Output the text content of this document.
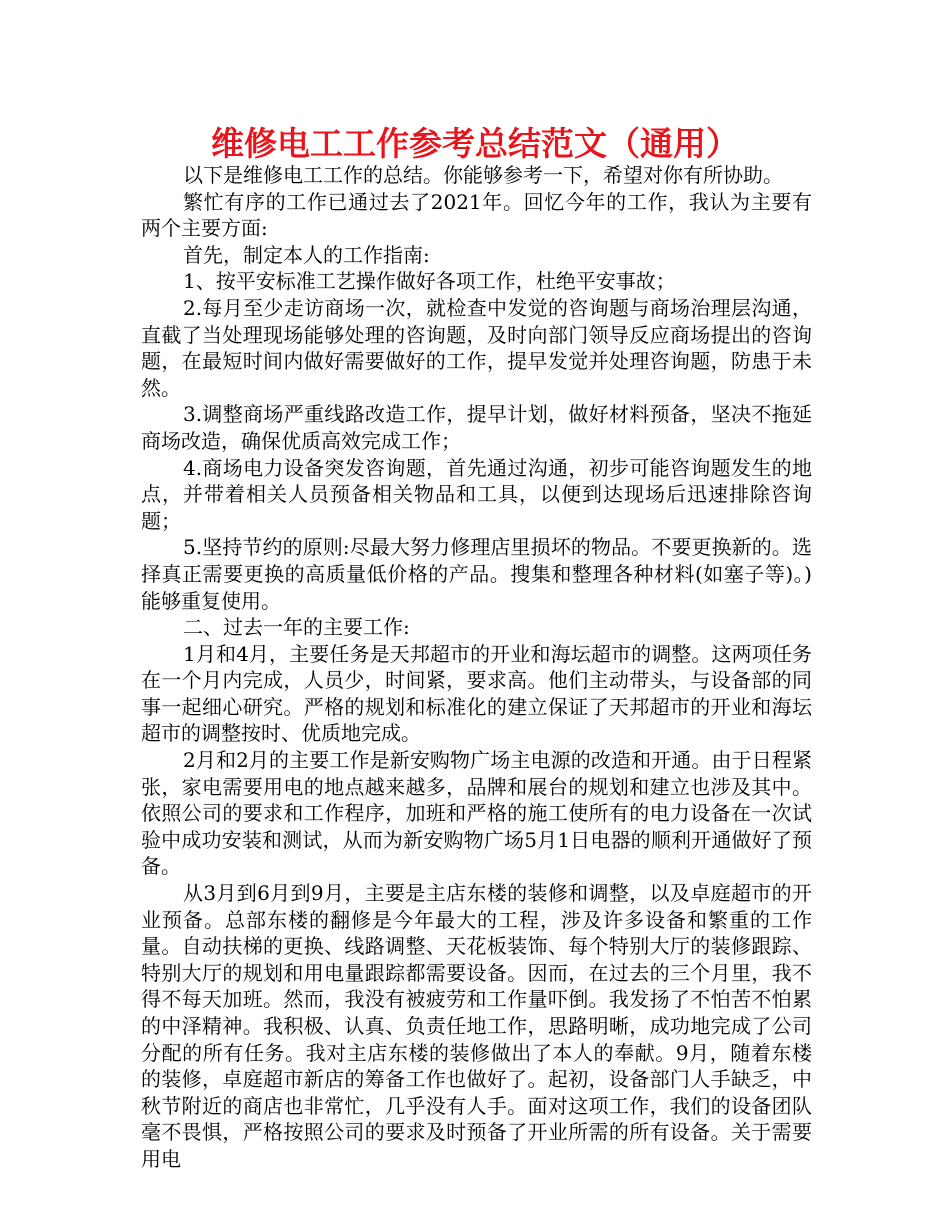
维修电工工作参考总结范文（通用）

以下是维修电工工作的总结。你能够参考一下，希望对你有所协助。

繁忙有序的工作已通过去了2021年。回忆今年的工作，我认为主要有两个主要方面:

首先，制定本人的工作指南:

1、按平安标准工艺操作做好各项工作，杜绝平安事故；

2.每月至少走访商场一次，就检查中发觉的咨询题与商场治理层沟通，直截了当处理现场能够处理的咨询题，及时向部门领导反应商场提出的咨询题，在最短时间内做好需要做好的工作，提早发觉并处理咨询题，防患于未然。

3.调整商场严重线路改造工作，提早计划，做好材料预备，坚决不拖延商场改造，确保优质高效完成工作；

4.商场电力设备突发咨询题，首先通过沟通，初步可能咨询题发生的地点，并带着相关人员预备相关物品和工具，以便到达现场后迅速排除咨询题；

5.坚持节约的原则:尽最大努力修理店里损坏的物品。不要更换新的。选择真正需要更换的高质量低价格的产品。搜集和整理各种材料(如塞子等)。)能够重复使用。

二、过去一年的主要工作:

1月和4月，主要任务是天邦超市的开业和海坛超市的调整。这两项任务在一个月内完成，人员少，时间紧，要求高。他们主动带头，与设备部的同事一起细心研究。严格的规划和标准化的建立保证了天邦超市的开业和海坛超市的调整按时、优质地完成。

2月和2月的主要工作是新安购物广场主电源的改造和开通。由于日程紧张，家电需要用电的地点越来越多，品牌和展台的规划和建立也涉及其中。依照公司的要求和工作程序，加班和严格的施工使所有的电力设备在一次试验中成功安装和测试，从而为新安购物广场5月1日电器的顺利开通做好了预备。

从3月到6月到9月，主要是主店东楼的装修和调整，以及卓庭超市的开业预备。总部东楼的翻修是今年最大的工程，涉及许多设备和繁重的工作量。自动扶梯的更换、线路调整、天花板装饰、每个特别大厅的装修跟踪、特别大厅的规划和用电量跟踪都需要设备。因而，在过去的三个月里，我不得不每天加班。然而，我没有被疲劳和工作量吓倒。我发扬了不怕苦不怕累的中泽精神。我积极、认真、负责任地工作，思路明晰，成功地完成了公司分配的所有任务。我对主店东楼的装修做出了本人的奉献。9月，随着东楼的装修，卓庭超市新店的筹备工作也做好了。起初，设备部门人手缺乏，中秋节附近的商店也非常忙，几乎没有人手。面对这项工作，我们的设备团队毫不畏惧，严格按照公司的要求及时预备了开业所需的所有设备。关于需要用电
